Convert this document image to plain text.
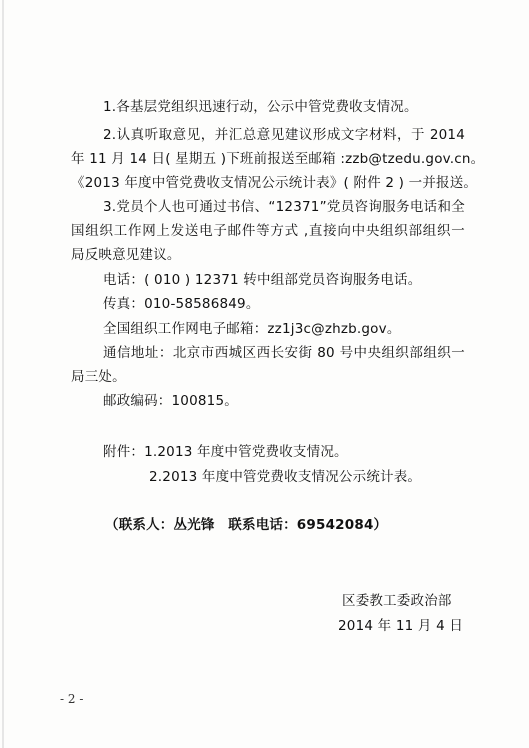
1.各基层党组织迅速行动，公示中管党费收支情况。
2.认真听取意见，并汇总意见建议形成文字材料，于 2014
年 11 月 14 日( 星期五 )下班前报送至邮箱 :zzb@tzedu.gov.cn。
《2013 年度中管党费收支情况公示统计表》( 附件 2 ) 一并报送。
3.党员个人也可通过书信、“12371”党员咨询服务电话和全
国组织工作网上发送电子邮件等方式 ,直接向中央组织部组织一
局反映意见建议。
电话：( 010 ) 12371 转中组部党员咨询服务电话。
传真：010-58586849。
全国组织工作网电子邮箱：zz1j3c@zhzb.gov。
通信地址：北京市西城区西长安街 80 号中央组织部组织一
局三处。
邮政编码：100815。
附件：1.2013 年度中管党费收支情况。
2.2013 年度中管党费收支情况公示统计表。
（联系人：丛光锋　联系电话：69542084）
区委教工委政治部
2014 年 11 月 4 日
- 2 -
